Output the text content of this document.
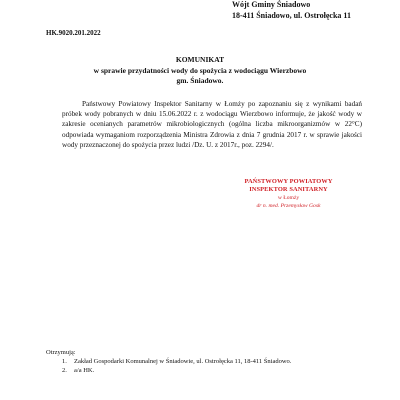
Wójt Gminy Śniadowo
18-411 Śniadowo, ul. Ostrołęcka 11
HK.9020.201.2022
KOMUNIKAT
w sprawie przydatności wody do spożycia z wodociągu Wierzbowo
gm. Śniadowo.
Państwowy Powiatowy Inspektor Sanitarny w Łomży po zapoznaniu się z wynikami badań próbek wody pobranych w dniu 15.06.2022 r. z wodociągu Wierzbowo informuje, że jakość wody w zakresie ocenianych parametrów mikrobiologicznych (ogólna liczba mikroorganizmów w 22°C) odpowiada wymaganiom rozporządzenia Ministra Zdrowia z dnia 7 grudnia 2017 r. w sprawie jakości wody przeznaczonej do spożycia przez ludzi /Dz. U. z 2017r., poz. 2294/.
PAŃSTWOWY POWIATOWY
INSPEKTOR SANITARNY
w Łomży
dr n. med. Przemysław Gosk
Otrzymują:
1. Zakład Gospodarki Komunalnej w Śniadowie, ul. Ostrołęcka 11, 18-411 Śniadowo.
2. a/a HK.
